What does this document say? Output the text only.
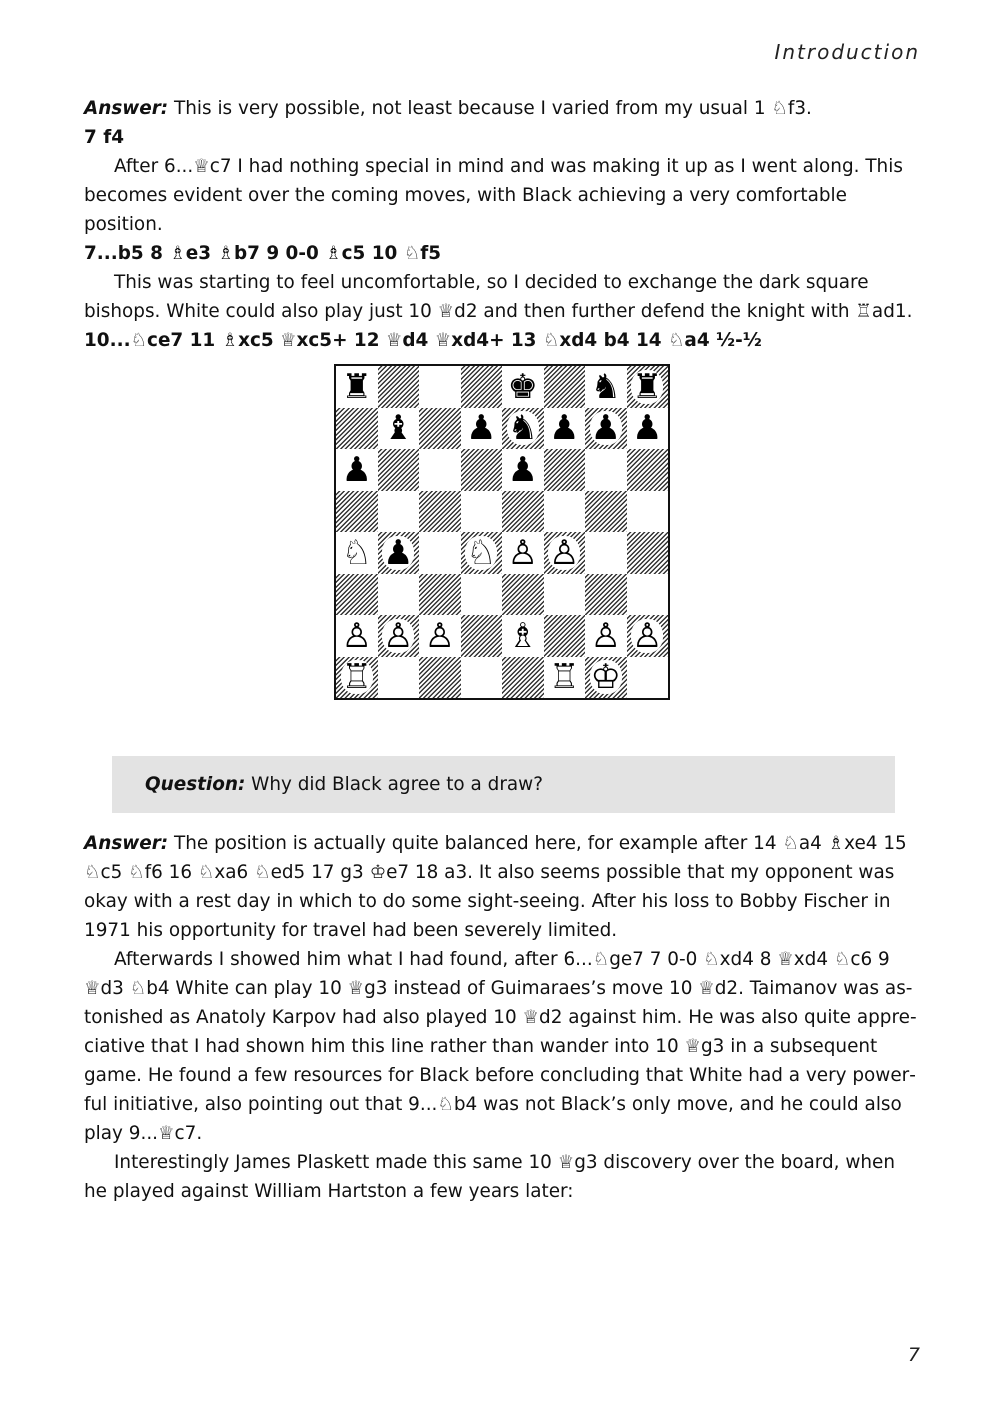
Introduction

Answer: This is very possible, not least because I varied from my usual 1 ♘f3.

7 f4

After 6...♕c7 I had nothing special in mind and was making it up as I went along. This becomes evident over the coming moves, with Black achieving a very comfortable position.

7...b5 8 ♗e3 ♗b7 9 0-0 ♗c5 10 ♘f5

This was starting to feel uncomfortable, so I decided to exchange the dark square bishops. White could also play just 10 ♕d2 and then further defend the knight with ♖ad1.

10...♘ce7 11 ♗xc5 ♕xc5+ 12 ♕d4 ♕xd4+ 13 ♘xd4 b4 14 ♘a4 ½-½

♜	♚ ♞ ♜
♝ ♟ ♞ ♟ ♟ ♟
♟	♟
♘ ♟ ♘ ♙ ♙
♙ ♙ ♙ ♗ ♙ ♙
♖	♖ ♔

Question: Why did Black agree to a draw?

Answer: The position is actually quite balanced here, for example after 14 ♘a4 ♗xe4 15 ♘c5 ♘f6 16 ♘xa6 ♘ed5 17 g3 ♔e7 18 a3. It also seems possible that my opponent was okay with a rest day in which to do some sight-seeing. After his loss to Bobby Fischer in 1971 his opportunity for travel had been severely limited.

Afterwards I showed him what I had found, after 6...♘ge7 7 0-0 ♘xd4 8 ♕xd4 ♘c6 9 ♕d3 ♘b4 White can play 10 ♕g3 instead of Guimaraes’s move 10 ♕d2. Taimanov was astonished as Anatoly Karpov had also played 10 ♕d2 against him. He was also quite appreciative that I had shown him this line rather than wander into 10 ♕g3 in a subsequent game. He found a few resources for Black before concluding that White had a very powerful initiative, also pointing out that 9...♘b4 was not Black’s only move, and he could also play 9...♕c7.

Interestingly James Plaskett made this same 10 ♕g3 discovery over the board, when he played against William Hartston a few years later:

7
